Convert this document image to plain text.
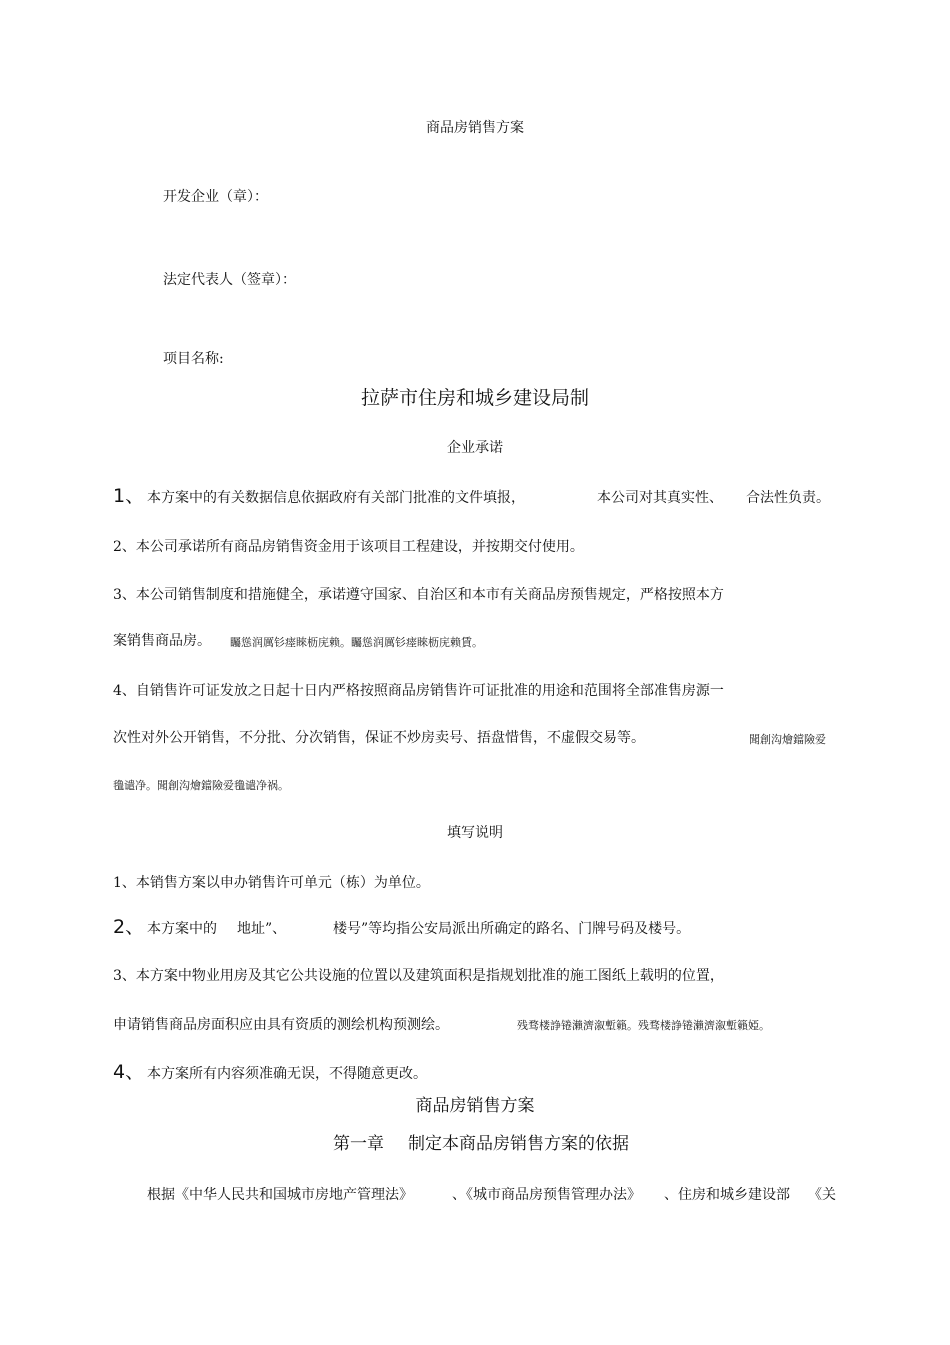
商品房销售方案
开发企业（章）：
法定代表人（签章）：
项目名称:
拉萨市住房和城乡建设局制
企业承诺
1、 本方案中的有关数据信息依据政府有关部门批准的文件填报，	本公司对其真实性、 合法性负责。
2、本公司承诺所有商品房销售资金用于该项目工程建设，并按期交付使用。
3、本公司销售制度和措施健全，承诺遵守国家、自治区和本市有关商品房预售规定，严格按照本方
案销售商品房。 矚慫润厲钐瘗睞枥庑赖。矚慫润厲钐瘗睞枥庑赖賃。
4、自销售许可证发放之日起十日内严格按照商品房销售许可证批准的用途和范围将全部准售房源一
次性对外公开销售，不分批、分次销售，保证不炒房卖号、捂盘惜售，不虚假交易等。	聞創沟燴鐺險爱
氇谴净。聞創沟燴鐺險爱氇谴净祸。
填写说明
1、本销售方案以申办销售许可单元（栋）为单位。
2、 本方案中的 地址”、	楼号”等均指公安局派出所确定的路名、门牌号码及楼号。
3、本方案中物业用房及其它公共设施的位置以及建筑面积是指规划批准的施工图纸上载明的位置，
申请销售商品房面积应由具有资质的测绘机构预测绘。	残骛楼諍锩瀨濟溆塹籟。残骛楼諍锩瀨濟溆塹籟婭。
4、 本方案所有内容须准确无误，不得随意更改。
商品房销售方案
第一章 制定本商品房销售方案的依据
根据《中华人民共和国城市房地产管理法》	、《城市商品房预售管理办法》 、住房和城乡建设部 《关
